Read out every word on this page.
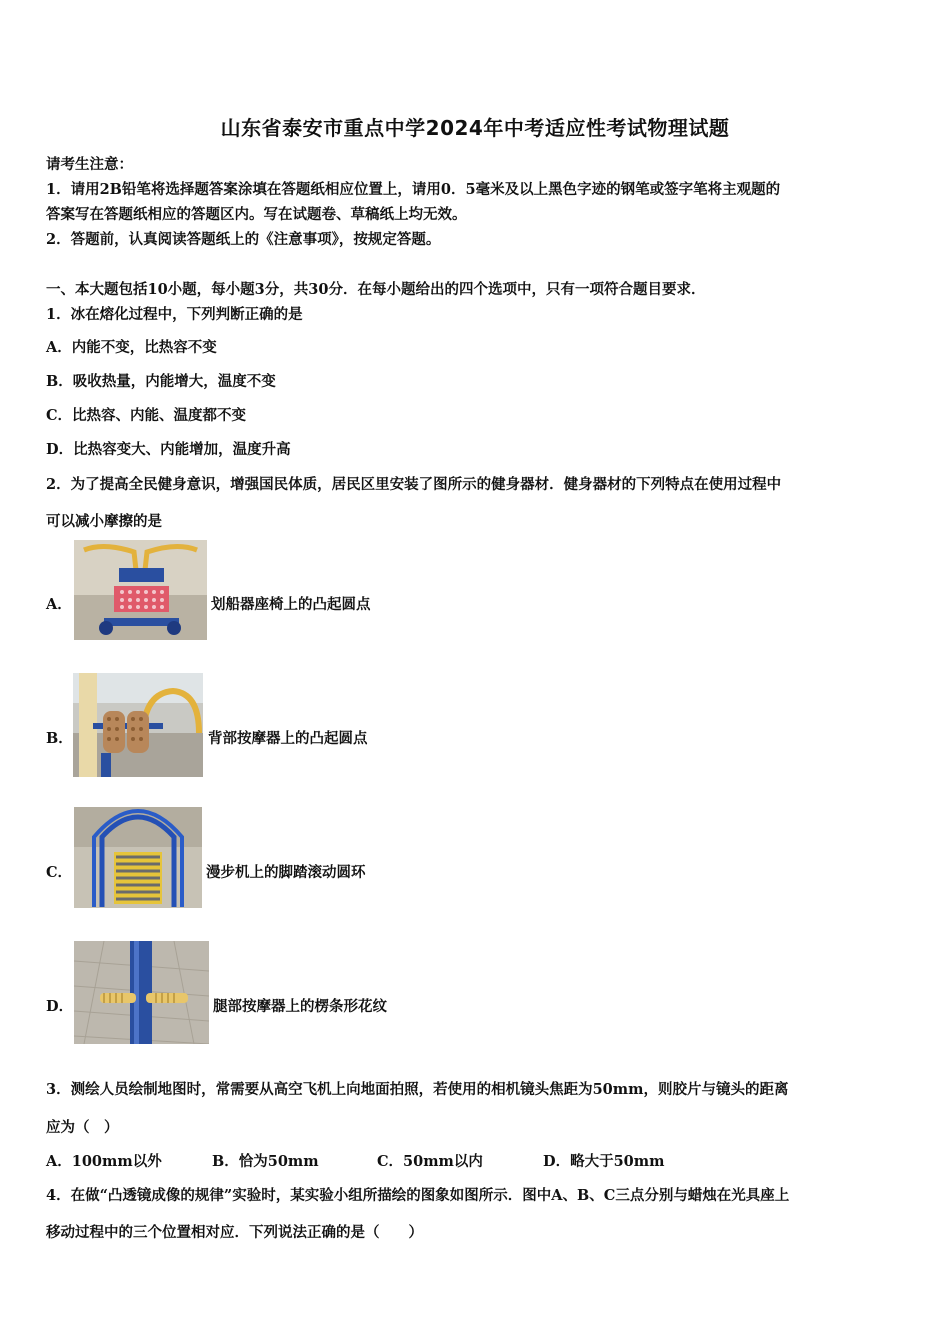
山东省泰安市重点中学2024年中考适应性考试物理试题
请考生注意：
1．请用2B铅笔将选择题答案涂填在答题纸相应位置上，请用0．5毫米及以上黑色字迹的钢笔或签字笔将主观题的
答案写在答题纸相应的答题区内。写在试题卷、草稿纸上均无效。
2．答题前，认真阅读答题纸上的《注意事项》，按规定答题。
一、本大题包括10小题，每小题3分，共30分．在每小题给出的四个选项中，只有一项符合题目要求．
1．冰在熔化过程中，下列判断正确的是
A．内能不变，比热容不变
B．吸收热量，内能增大，温度不变
C．比热容、内能、温度都不变
D．比热容变大、内能增加，温度升高
2．为了提高全民健身意识，增强国民体质，居民区里安装了图所示的健身器材．健身器材的下列特点在使用过程中
可以减小摩擦的是
A．	划船器座椅上的凸起圆点
B．	背部按摩器上的凸起圆点
C．	漫步机上的脚踏滚动圆环
D．	腿部按摩器上的楞条形花纹
3．测绘人员绘制地图时，常需要从高空飞机上向地面拍照，若使用的相机镜头焦距为50mm，则胶片与镜头的距离
应为（　）
A．100mm以外	B．恰为50mm	C．50mm以内	D．略大于50mm
4．在做“凸透镜成像的规律”实验时，某实验小组所描绘的图象如图所示．图中A、B、C三点分别与蜡烛在光具座上
移动过程中的三个位置相对应．下列说法正确的是（　　）
